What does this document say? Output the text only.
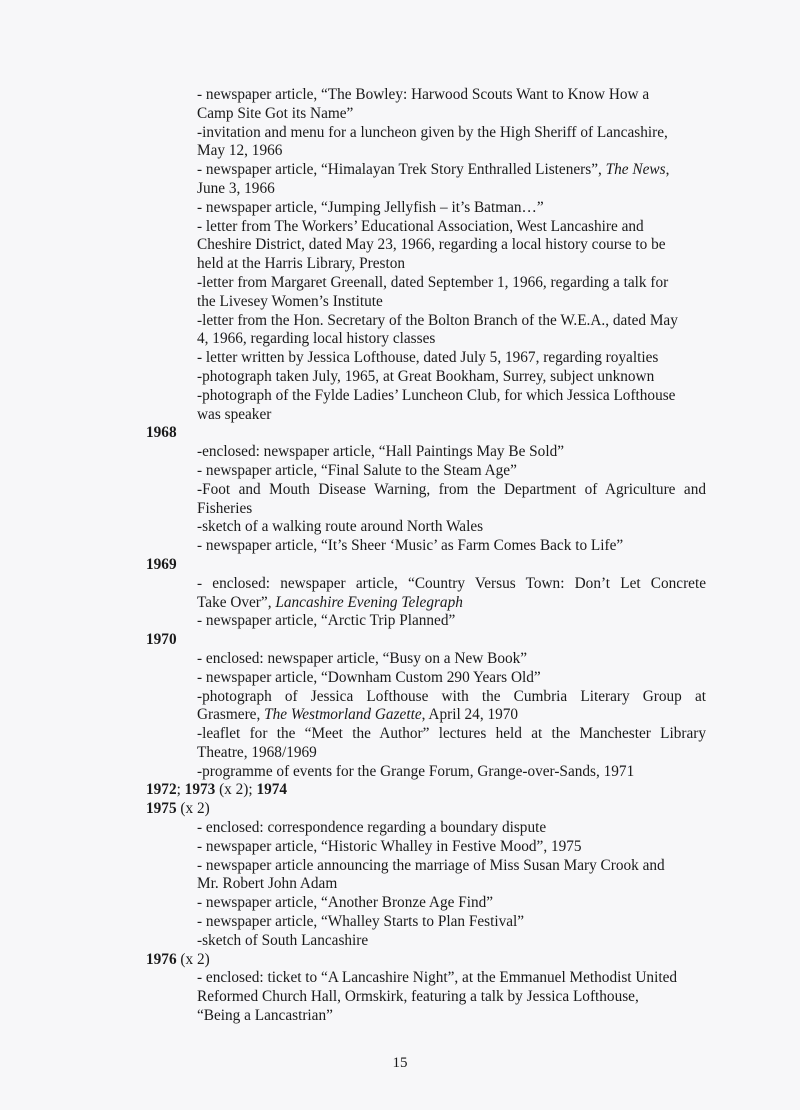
- newspaper article, “The Bowley: Harwood Scouts Want to Know How a
Camp Site Got its Name”
-invitation and menu for a luncheon given by the High Sheriff of Lancashire,
May 12, 1966
- newspaper article, “Himalayan Trek Story Enthralled Listeners”, The News,
June 3, 1966
- newspaper article, “Jumping Jellyfish – it’s Batman…”
- letter from The Workers’ Educational Association, West Lancashire and
Cheshire District, dated May 23, 1966, regarding a local history course to be
held at the Harris Library, Preston
-letter from Margaret Greenall, dated September 1, 1966, regarding a talk for
the Livesey Women’s Institute
-letter from the Hon. Secretary of the Bolton Branch of the W.E.A., dated May
4, 1966, regarding local history classes
- letter written by Jessica Lofthouse, dated July 5, 1967, regarding royalties
-photograph taken July, 1965, at Great Bookham, Surrey, subject unknown
-photograph of the Fylde Ladies’ Luncheon Club, for which Jessica Lofthouse
was speaker
1968
-enclosed: newspaper article, “Hall Paintings May Be Sold”
- newspaper article, “Final Salute to the Steam Age”
-Foot and Mouth Disease Warning, from the Department of Agriculture and
Fisheries
-sketch of a walking route around North Wales
- newspaper article, “It’s Sheer ‘Music’ as Farm Comes Back to Life”
1969
- enclosed: newspaper article, “Country Versus Town: Don’t Let Concrete
Take Over”, Lancashire Evening Telegraph
- newspaper article, “Arctic Trip Planned”
1970
- enclosed: newspaper article, “Busy on a New Book”
- newspaper article, “Downham Custom 290 Years Old”
-photograph of Jessica Lofthouse with the Cumbria Literary Group at
Grasmere, The Westmorland Gazette, April 24, 1970
-leaflet for the “Meet the Author” lectures held at the Manchester Library
Theatre, 1968/1969
-programme of events for the Grange Forum, Grange-over-Sands, 1971
1972; 1973 (x 2); 1974
1975 (x 2)
- enclosed: correspondence regarding a boundary dispute
- newspaper article, “Historic Whalley in Festive Mood”, 1975
- newspaper article announcing the marriage of Miss Susan Mary Crook and
Mr. Robert John Adam
- newspaper article, “Another Bronze Age Find”
- newspaper article, “Whalley Starts to Plan Festival”
-sketch of South Lancashire
1976 (x 2)
- enclosed: ticket to “A Lancashire Night”, at the Emmanuel Methodist United
Reformed Church Hall, Ormskirk, featuring a talk by Jessica Lofthouse,
“Being a Lancastrian”
15
